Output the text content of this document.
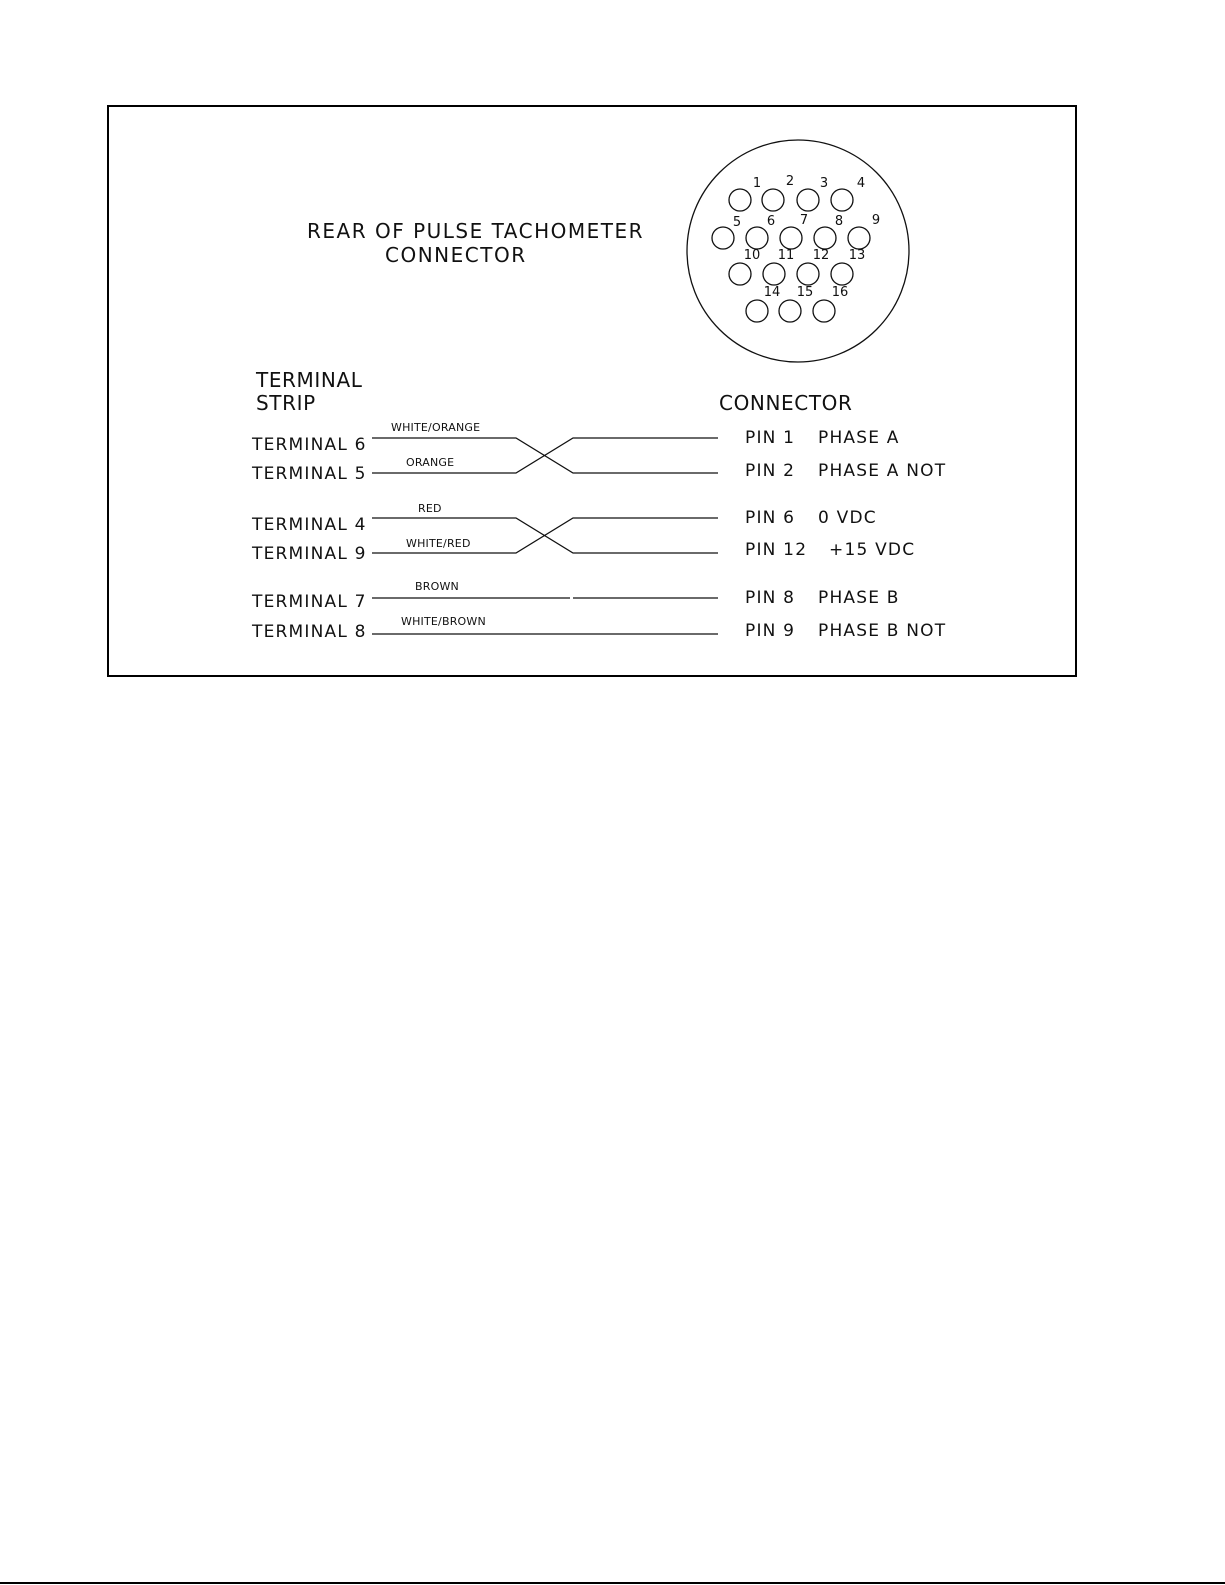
REAR OF PULSE TACHOMETER
CONNECTOR
1 2 3 4
5 6 7 8 9
10 11 12 13
14 15 16
TERMINAL
STRIP	CONNECTOR
TERMINAL 6
TERMINAL 5
WHITE/ORANGE
ORANGE
PIN 1 PHASE A
PIN 2 PHASE A NOT
TERMINAL 4
TERMINAL 9
RED
WHITE/RED
PIN 6 0 VDC
PIN 12 +15 VDC
TERMINAL 7
TERMINAL 8
BROWN
WHITE/BROWN
PIN 8 PHASE B
PIN 9 PHASE B NOT
